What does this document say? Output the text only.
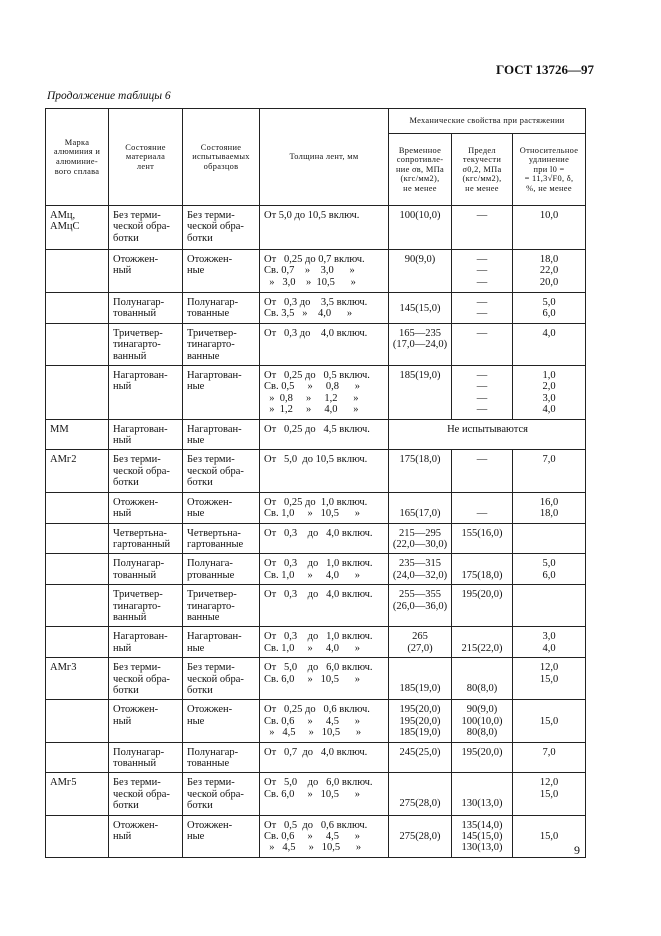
ГОСТ 13726—97
Продолжение таблицы 6
Марка
алюминия и
алюминие-
вого сплава	Состояние
материала
лент	Состояние
испытываемых
образцов	Толщина лент, мм	Механические свойства при растяжении		

				Временное
сопротивле-
ние σв, МПа
(кгс/мм2),
не менее	Предел
текучести
σ0,2, МПа
(кгс/мм2),
не менее	Относительное
удлинение
при l0 =
= 11,3√F0, δ,
%, не менее

АМц,
АМцС	Без терми-
ческой обра-
ботки	Без терми-
ческой обра-
ботки	От 5,0 до 10,5 включ.	100(10,0)	—	10,0

	Отожжен-
ный	Отожжен-
ные	От   0,25 до 0,7 включ.
Св. 0,7    »    3,0      »
»   3,0    »  10,5      »	90(9,0)	—
—
—	18,0
22,0
20,0

	Полунагар-
тованный	Полунагар-
тованные	От   0,3 до    3,5 включ.
Св. 3,5   »    4,0      »	145(15,0)	—
—	5,0
6,0

	Тричетвер-
тинагарто-
ванный	Тричетвер-
тинагарто-
ванные	От   0,3 до    4,0 включ.	165—235
(17,0—24,0)	—	4,0

	Нагартован-
ный	Нагартован-
ные	От   0,25 до   0,5 включ.
Св. 0,5     »     0,8      »
»  0,8     »     1,2      »
»  1,2     »     4,0      »	185(19,0)	—
—
—
—	1,0
2,0
3,0
4,0

ММ	Нагартован-
ный	Нагартован-
ные	От   0,25 до   4,5 включ.	Не испытываются		

АМг2	Без терми-
ческой обра-
ботки	Без терми-
ческой обра-
ботки	От   5,0  до 10,5 включ.	175(18,0)	—	7,0

	Отожжен-
ный	Отожжен-
ные	От   0,25 до  1,0 включ.
Св. 1,0     »   10,5      »	165(17,0)	—	16,0
18,0

	Четвертьна-
гартованный	Четвертьна-
гартованные	От   0,3    до   4,0 включ.	215—295
(22,0—30,0)	155(16,0)	

	Полунагар-
тованный	Полунага-
ртованные	От   0,3    до   1,0 включ.
Св. 1,0     »     4,0      »	235—315
(24,0—32,0)	175(18,0)	5,0
6,0

	Тричетвер-
тинагарто-
ванный	Тричетвер-
тинагарто-
ванные	От   0,3    до   4,0 включ.	255—355
(26,0—36,0)	195(20,0)	

	Нагартован-
ный	Нагартован-
ные	От   0,3    до   1,0 включ.
Св. 1,0     »     4,0      »	265
(27,0)	215(22,0)	3,0
4,0

АМг3	Без терми-
ческой обра-
ботки	Без терми-
ческой обра-
ботки	От   5,0    до   6,0 включ.
Св. 6,0     »   10,5      »	185(19,0)	80(8,0)	12,0
15,0

	Отожжен-
ный	Отожжен-
ные	От   0,25 до   0,6 включ.
Св. 0,6     »     4,5      »
»   4,5     »   10,5      »	195(20,0)
195(20,0)
185(19,0)	90(9,0)
100(10,0)
80(8,0)	15,0

	Полунагар-
тованный	Полунагар-
тованные	От   0,7  до   4,0 включ.	245(25,0)	195(20,0)	7,0

АМг5	Без терми-
ческой обра-
ботки	Без терми-
ческой обра-
ботки	От   5,0    до   6,0 включ.
Св. 6,0     »   10,5      »	275(28,0)	130(13,0)	12,0
15,0

	Отожжен-
ный	Отожжен-
ные	От   0,5  до   0,6 включ.
Св. 0,6     »     4,5      »
»   4,5     »   10,5      »	275(28,0)	135(14,0)
145(15,0)
130(13,0)	15,0
9
